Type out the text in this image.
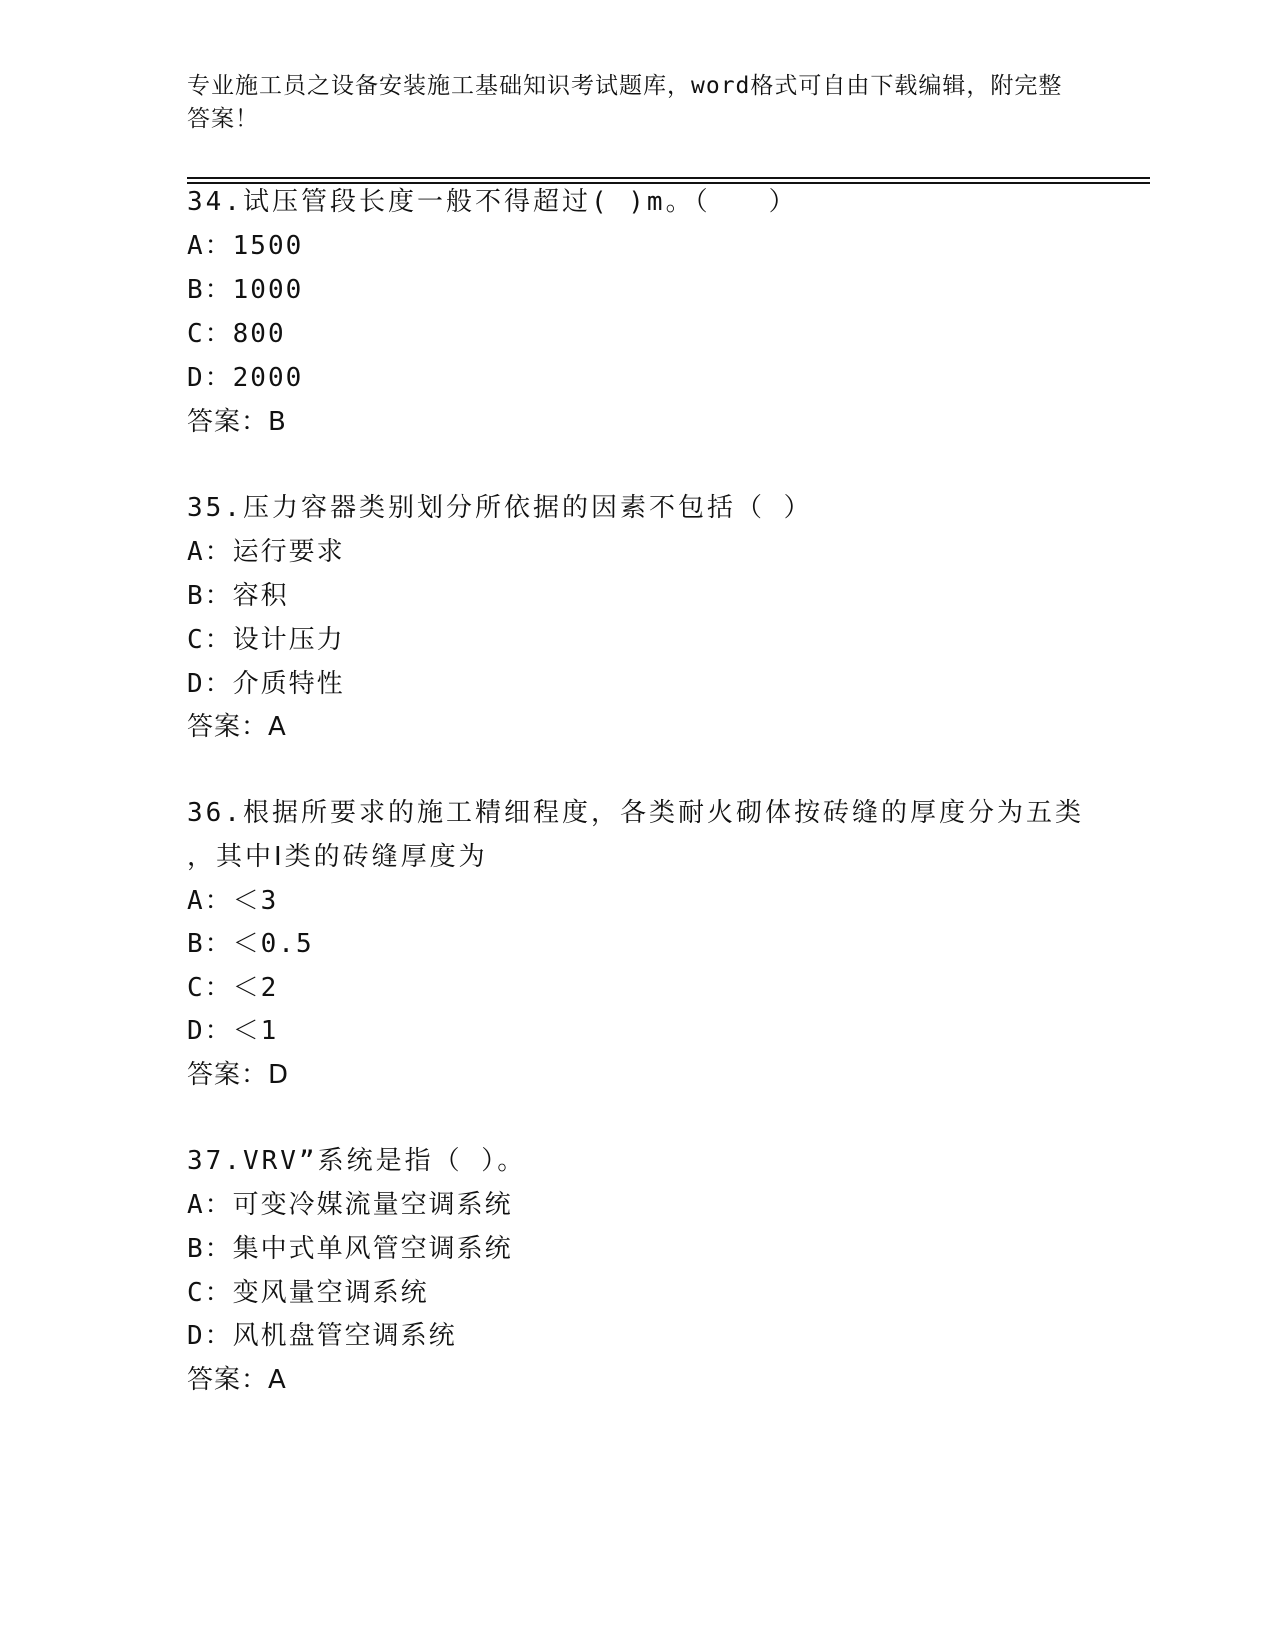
专业施工员之设备安装施工基础知识考试题库，word格式可自由下载编辑，附完整答案！
34.试压管段长度一般不得超过( )m。（　　）
A：1500
B：1000
C：800
D：2000
答案：B
35.压力容器类别划分所依据的因素不包括（ ）
A：运行要求
B：容积
C：设计压力
D：介质特性
答案：A
36.根据所要求的施工精细程度，各类耐火砌体按砖缝的厚度分为五类
，其中Ⅰ类的砖缝厚度为
A：＜3
B：＜0.5
C：＜2
D：＜1
答案：D
37.VRV”系统是指（ ）。
A：可变冷媒流量空调系统
B：集中式单风管空调系统
C：变风量空调系统
D：风机盘管空调系统
答案：A
